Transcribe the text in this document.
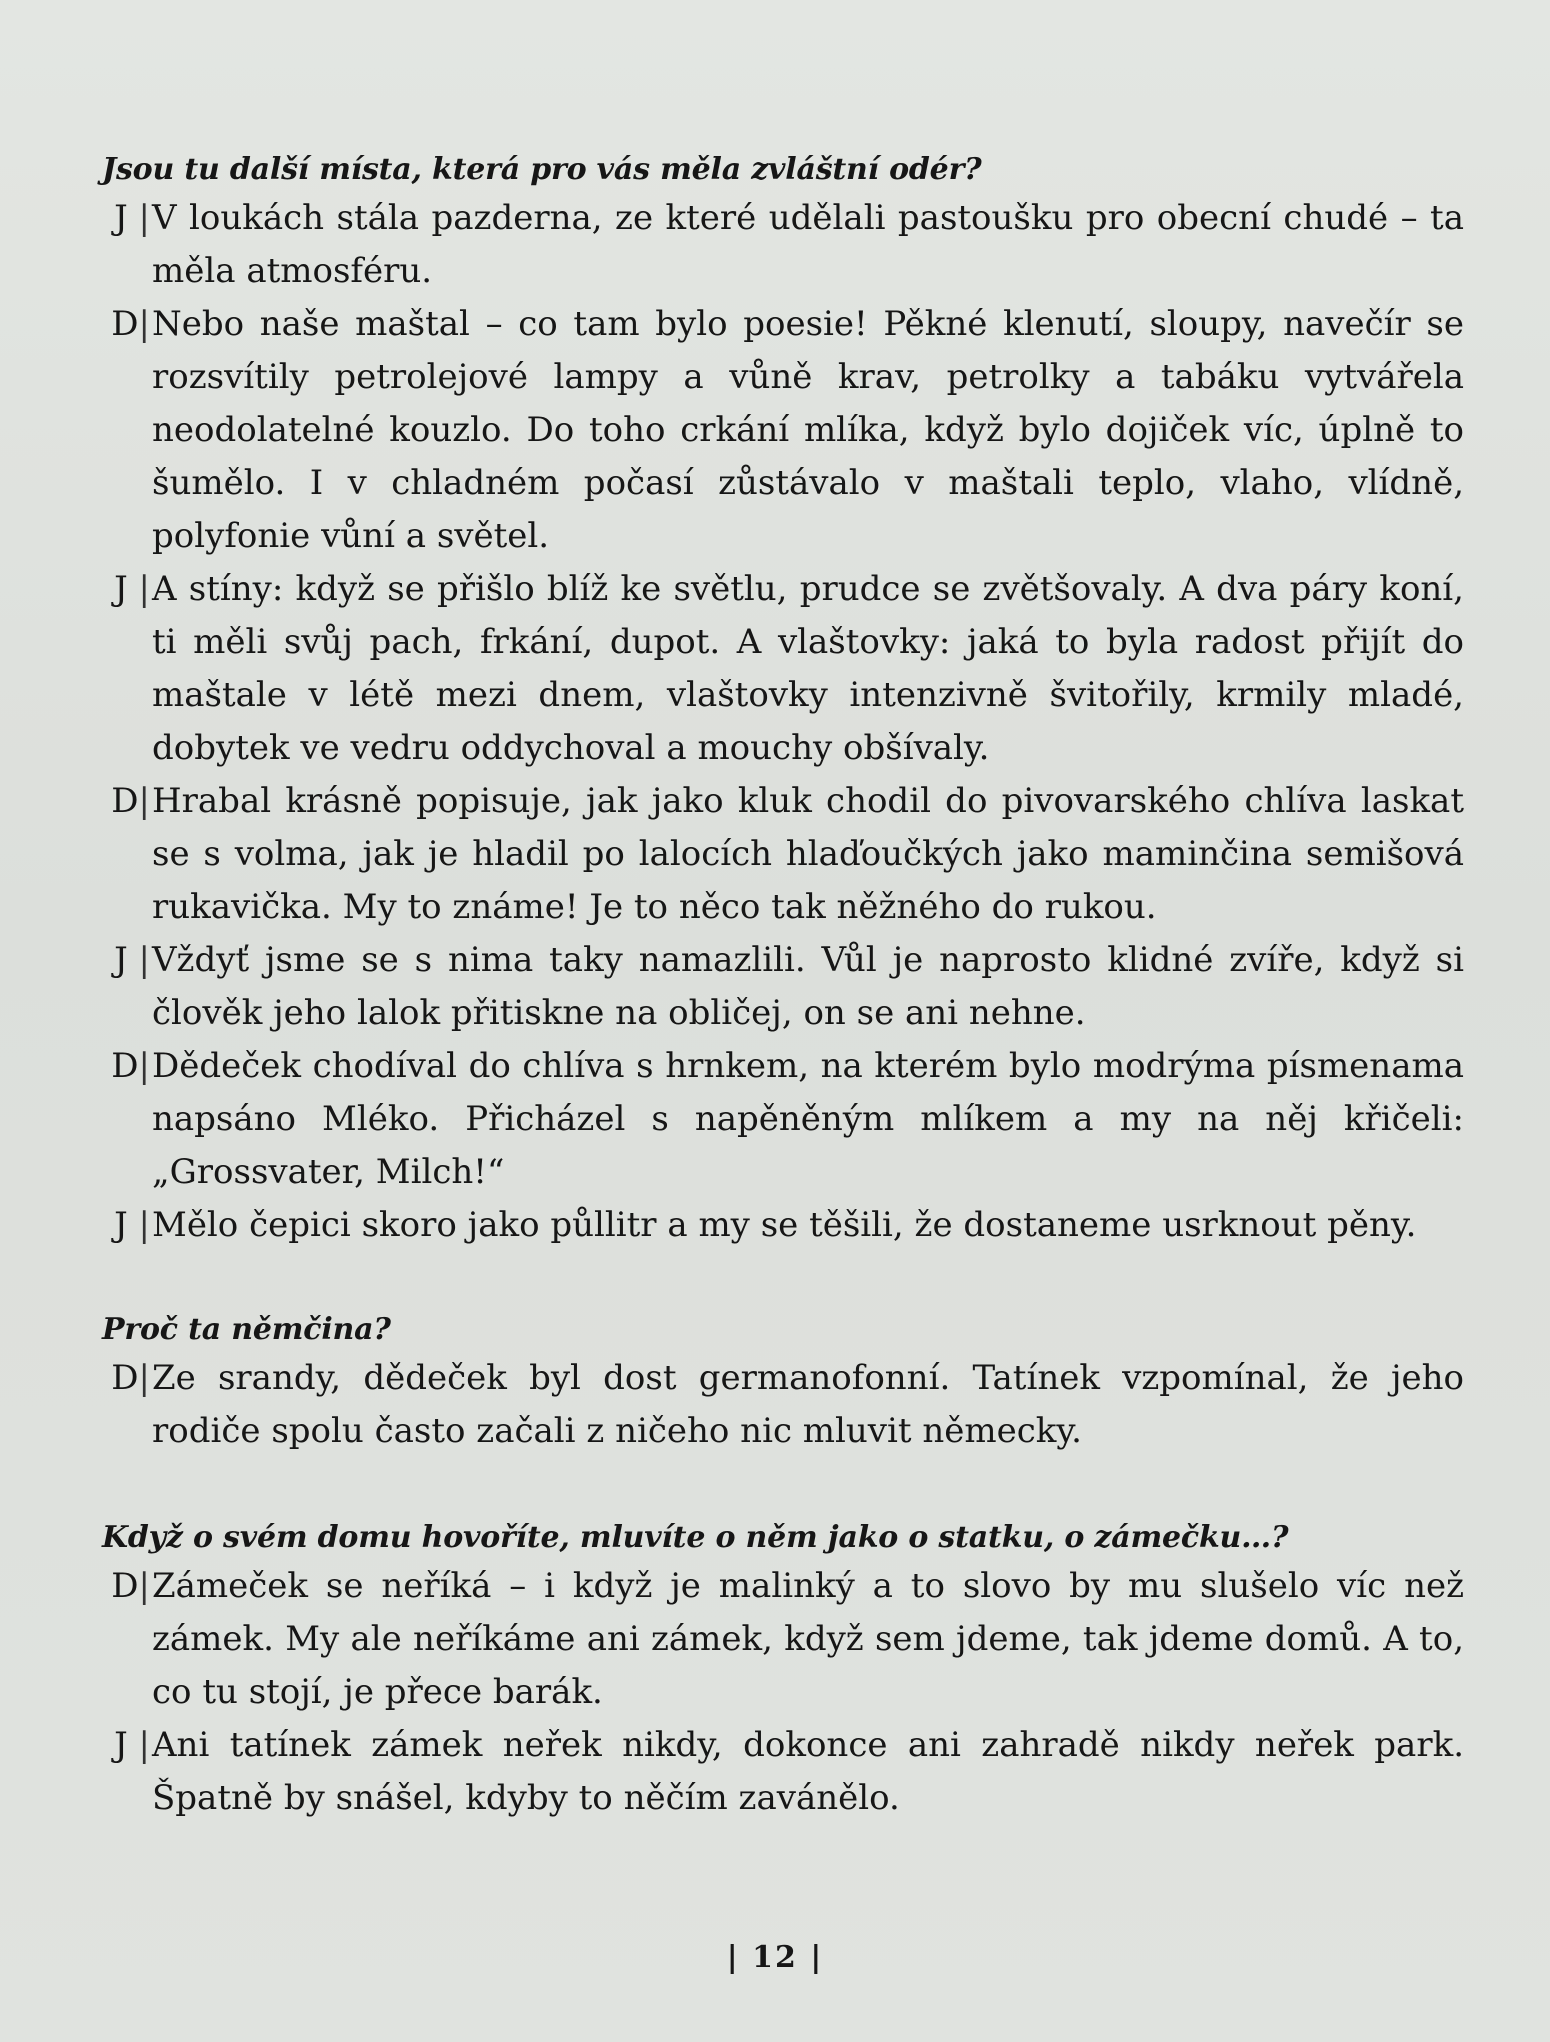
Jsou tu další místa, která pro vás měla zvláštní odér?
J | V loukách stála pazderna, ze které udělali pastoušku pro obecní chudé – ta měla atmosféru.
D| Nebo naše maštal – co tam bylo poesie! Pěkné klenutí, sloupy, navečír se rozsvítily petrolejové lampy a vůně krav, petrolky a tabáku vytvářela neodolatelné kouzlo. Do toho crkání mlíka, když bylo dojiček víc, úplně to šumělo. I v chladném počasí zůstávalo v maštali teplo, vlaho, vlídně, polyfonie vůní a světel.
J | A stíny: když se přišlo blíž ke světlu, prudce se zvětšovaly. A dva páry koní, ti měli svůj pach, frkání, dupot. A vlaštovky: jaká to byla radost přijít do maštale v létě mezi dnem, vlaštovky intenzivně švitořily, krmily mladé, dobytek ve vedru oddychoval a mouchy obšívaly.
D| Hrabal krásně popisuje, jak jako kluk chodil do pivovarského chlíva laskat se s volma, jak je hladil po lalocích hlaďoučkých jako maminčina semišová rukavička. My to známe! Je to něco tak něžného do rukou.
J | Vždyť jsme se s nima taky namazlili. Vůl je naprosto klidné zvíře, když si člověk jeho lalok přitiskne na obličej, on se ani nehne.
D| Dědeček chodíval do chlíva s hrnkem, na kterém bylo modrýma písmenama napsáno Mléko. Přicházel s napěněným mlíkem a my na něj křičeli: „Grossvater, Milch!“
J | Mělo čepici skoro jako půllitr a my se těšili, že dostaneme usrknout pěny.
Proč ta němčina?
D| Ze srandy, dědeček byl dost germanofonní. Tatínek vzpomínal, že jeho rodiče spolu často začali z ničeho nic mluvit německy.
Když o svém domu hovoříte, mluvíte o něm jako o statku, o zámečku…?
D| Zámeček se neříká – i když je malinký a to slovo by mu slušelo víc než zámek. My ale neříkáme ani zámek, když sem jdeme, tak jdeme domů. A to, co tu stojí, je přece barák.
J | Ani tatínek zámek neřek nikdy, dokonce ani zahradě nikdy neřek park. Špatně by snášel, kdyby to něčím zavánělo.
| 12 |
